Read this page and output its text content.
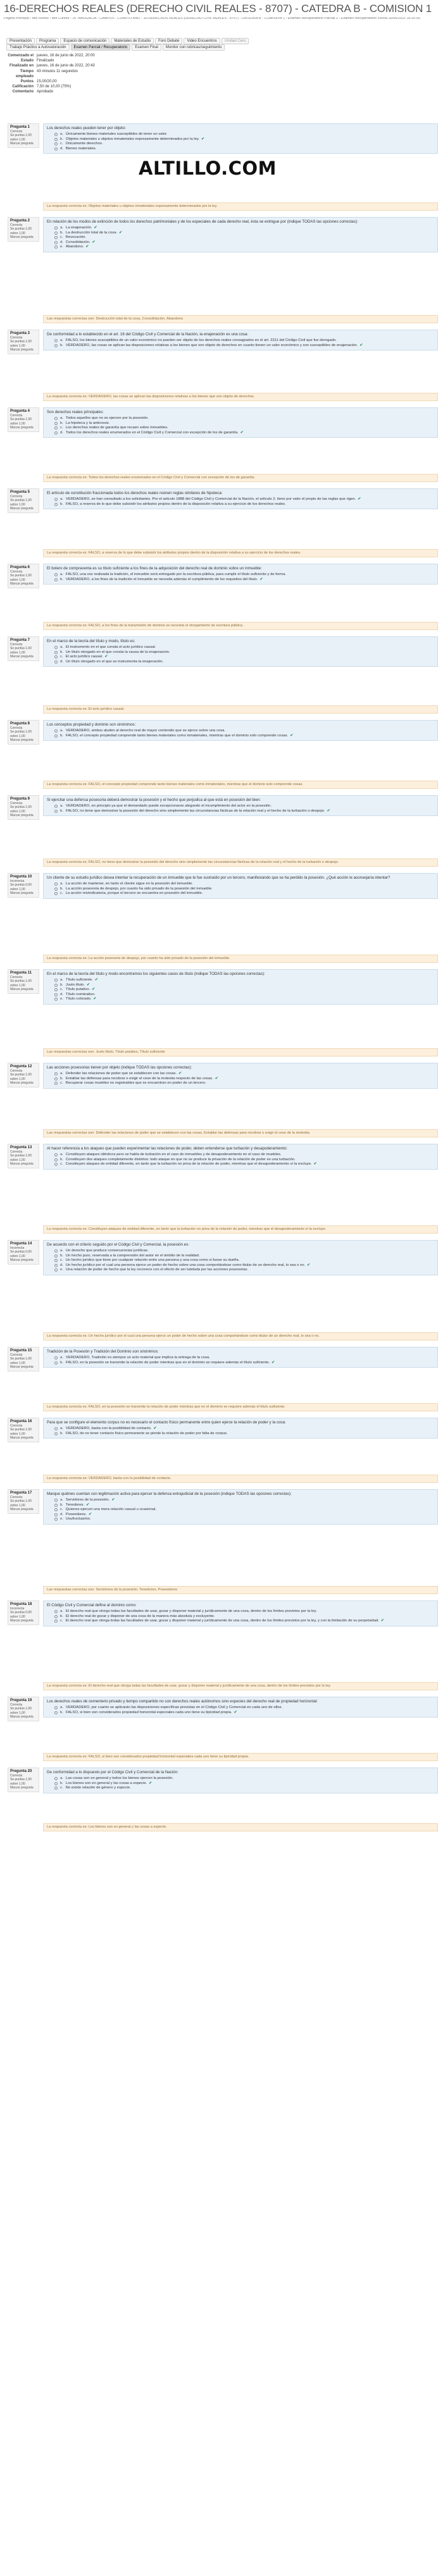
16-DERECHOS REALES (DERECHO CIVIL REALES - 8707) - CATEDRA B - COMISION 1
Página Principal › Mis cursos › Mis Cursos › 16 -ABOGACÍA - CAMPUS - CUARTO AÑO - 16-DERECHOS REALES (DERECHO CIVIL REALES - 8707) - CATEDRA B - COMISION 1 › Examen Recuperatorio Parcial 2 › Examen Recuperatorio Fecha 16/06/2022 16:20:00
Presentación	Programa	Espacio de comunicación	Materiales de Estudio	Foro Debate	Video Encuentros	Unidad Cero
Trabajo Práctico a Autovaloración	Examen Parcial / Recuperatorio	Examen Final	Monitor con rubricas/seguimiento
Comenzado el jueves, 16 de junio de 2022, 20:00
Estado Finalizado
Finalizado en jueves, 16 de junio de 2022, 20:43
Tiempo empleado
43 minutos 11 segundos
Puntos 15,00/20,00
Calificación 7,50 de 10,00 (75%)
Comentario Aprobado
ALTILLO.COM
Pregunta 1
Correcta
Se puntúa 1,00 sobre 1,00
Marcar pregunta
Los derechos reales pueden tener por objeto:
a. Únicamente bienes materiales susceptibles de tener un valor.
b. Objetos materiales u objetos inmateriales expresamente determinados por la ley. ✔
c. Únicamente derechos.
d. Bienes materiales.
La respuesta correcta es: Objetos materiales u objetos inmateriales expresamente determinados por la ley.
Pregunta 2
Correcta
Se puntúa 1,00 sobre 1,00
Marcar pregunta
En relación de los modos de extinción de todos los derechos patrimoniales y de los especiales de cada derecho real, ésta se extingue por (indique TODAS las opciones correctas):
a. La enajenación. ✔
b. La destrucción total de la cosa. ✔
c. Revocación.
d. Consolidación. ✔
e. Abandono. ✔
Las respuestas correctas son: Destrucción total de la cosa, Consolidación, Abandono
Pregunta 3
Correcta
Se puntúa 1,00 sobre 1,00
Marcar pregunta
De conformidad a lo establecido en el art. 16 del Código Civil y Comercial de la Nación, la enajenación es una cosa:
a. FALSO, los bienes susceptibles de un valor económico no pueden ser objeto de los derechos reales consagrados en el art. 2311 del Código Civil que fue derogado.
b. VERDADERO, las cosas se aplican las disposiciones relativas a los bienes que son objeto de derechos en cuanto tienen un valor económico y son susceptibles de enajenación. ✔
La respuesta correcta es: VERDADERO, las cosas se aplican las disposiciones relativas a los bienes que son objeto de derechos.
Pregunta 4
Correcta
Se puntúa 1,00 sobre 1,00
Marcar pregunta
Son derechos reales principales:
a. Todos aquellos que no se ejercen por la posesión.
b. La hipoteca y la anticresis.
c. Los derechos reales de garantía que recaen sobre inmuebles.
d. Todos los derechos reales enumerados en el Código Civil y Comercial con excepción de los de garantía. ✔
La respuesta correcta es: Todos los derechos reales enumerados en el Código Civil y Comercial con excepción de los de garantía.
Pregunta 5
Correcta
Se puntúa 1,00 sobre 1,00
Marcar pregunta
El artículo de constitución fraccionada todos los derechos reales reúnen reglas similares de hipoteca:
a. VERDADERO, se han consultado a los solicitantes. Por el articulo 1888 del Código Civil y Comercial de la Nación, el artículo 2. tiene por valor el propio de las reglas que rigen. ✔
b. FALSO, a reserva de lo que debe subsistir los atributos propios dentro de la disposición relativa a su ejercicio de los derechos reales.
La respuesta correcta es: FALSO, a reserva de lo que debe subsistir los atributos propios dentro de la disposición relativa a su ejercicio de los derechos reales.
Pregunta 6
Correcta
Se puntúa 1,00 sobre 1,00
Marcar pregunta
El bolero de compraventa es su título suficiente a los fines de la adquisición del derecho real de dominio sobre un inmueble:
a. FALSO, una vez realizada la tradición, el inmueble será entregado por la escritura pública, para cumplir el título suficiente y de forma.
b. VERDADERO, a los fines de la tradición el inmueble se necesita además el cumplimiento de los requisitos del título. ✔
La respuesta correcta es: FALSO, a los fines de la transmisión de dominio se necesita el otorgamiento de escritura pública.
Pregunta 7
Correcta
Se puntúa 1,00 sobre 1,00
Marcar pregunta
En el marco de la teoría del título y modo, título es:
a. El instrumento en el que consta el acto jurídico causal.
b. Un título otorgado en el que consta la causa de la enajenación.
c. El acto jurídico causal. ✔
d. Un título otorgado en el que se instrumenta la enajenación.
La respuesta correcta es: El acto jurídico causal.
Pregunta 8
Correcta
Se puntúa 1,00 sobre 1,00
Marcar pregunta
Los conceptos propiedad y dominio son sinónimos:
a. VERDADERO, ambos aluden al derecho real de mayor contenido que se ejerce sobre una cosa.
b. FALSO, el concepto propiedad comprende tanto bienes materiales como inmateriales, mientras que el dominio solo comprende cosas. ✔
La respuesta correcta es: FALSO, el concepto propiedad comprende tanto bienes materiales como inmateriales, mientras que el dominio solo comprende cosas.
Pregunta 9
Correcta
Se puntúa 1,00 sobre 1,00
Marcar pregunta
Si ejercitar una defensa posesoria deberá demostrar la posesión y el hecho que perjudica al que está en posesión del bien:
a. VERDADERO, en principio ya que el demandado puede excepcionarse alegando el incumplimiento del actor en la posesión.
b. FALSO, no tiene que demostrar la posesión del derecho sino simplemente las circunstancias fácticas de la relación real y el hecho de la turbación o despojo. ✔
La respuesta correcta es: FALSO, no tiene que demostrar la posesión del derecho sino simplemente las circunstancias fácticas de la relación real y el hecho de la turbación o despojo.
Pregunta 10
Incorrecta
Se puntúa 0,00 sobre 1,00
Marcar pregunta
Un cliente de su estudio jurídico desea intentar la recuperación de un inmueble que le fue sustraído por un tercero, manifestando que se ha perdido la posesión. ¿Qué acción le aconsejaría intentar?
a. La acción de mantener, en tanto el cliente sigue en la posesión del inmueble.
b. La acción posesoria de despojo, por cuanto ha sido privado de la posesión del inmueble.
c. La acción reivindicatoria, porque el tercero se encuentra en posesión del inmueble.
La respuesta correcta es: La acción posesoria de despojo, por cuanto ha sido privado de la posesión del inmueble.
Pregunta 11
Correcta
Se puntúa 1,00 sobre 1,00
Marcar pregunta
En el marco de la teoría del título y modo encontramos los siguientes casos de título (indique TODAS las opciones correctas):
a. Título suficiente. ✔
b. Justo título. ✔
c. Título putativo. ✔
d. Título nominativo.
e. Título colorado. ✔
Las respuestas correctas son: Justo título, Título putativo, Título suficiente
Pregunta 12
Correcta
Se puntúa 1,00 sobre 1,00
Marcar pregunta
Las acciones posesorias tienen por objeto (indique TODAS las opciones correctas):
a. Defender las relaciones de poder que se establecen con las cosas. ✔
b. Entablar las defensas para recobrar o exigir el cese de la molestia respecto de las cosas. ✔
c. Recuperar cosas muebles no registrables que se encuentran en poder de un tercero.
Las respuestas correctas son: Defender las relaciones de poder que se establecen con las cosas, Entablar las defensas para recobrar o exigir el cese de la molestia.
Pregunta 13
Correcta
Se puntúa 1,00 sobre 1,00
Marcar pregunta
Al hacer referencia a los ataques que pueden experimentar las relaciones de poder, deben entenderse que turbación y desapoderamiento:
a. Constituyen ataques idénticos pero se habla de turbación en el caso de inmuebles y de desapoderamiento en el caso de muebles.
b. Constituyen dos ataques completamente distintos: todo ataque en que no se produce la privación de la relación de poder es una turbación.
c. Constituyen ataques de entidad diferente, en tanto que la turbación no priva de la relación de poder, mientras que el desapoderamiento sí la excluye. ✔
La respuesta correcta es: Constituyen ataques de entidad diferente, en tanto que la turbación no priva de la relación de poder, mientras que el desapoderamiento sí la excluye.
Pregunta 14
Incorrecta
Se puntúa 0,00 sobre 1,00
Marcar pregunta
De acuerdo con el criterio seguido por el Código Civil y Comercial, la posesión es:
a. Un derecho que produce consecuencias jurídicas.
b. Un hecho puro, reservada a la comprensión del autor en el ámbito de la realidad.
c. Un hecho jurídico que tiene por cualquier relación entre una persona y una cosa como si fuese su dueña.
d. Un hecho jurídico por el cual una persona ejerce un poder de hecho sobre una cosa comportándose como titular de un derecho real, lo sea o no. ✔
e. Una relación de poder de hecho que la ley reconoce con el efecto de ser tutelada por las acciones posesorias.
La respuesta correcta es: Un hecho jurídico por el cual una persona ejerce un poder de hecho sobre una cosa comportándose como titular de un derecho real, lo sea o no.
Pregunta 15
Correcta
Se puntúa 1,00 sobre 1,00
Marcar pregunta
Tradición de la Posesión y Tradición del Dominio son sinónimos:
a. VERDADERO, Tradición es siempre un acto material que implica la entrega de la cosa.
b. FALSO, en la posesión se transmite la relación de poder mientras que en el dominio se requiere además el título suficiente. ✔
La respuesta correcta es: FALSO, en la posesión se transmite la relación de poder mientras que en el dominio se requiere además el título suficiente.
Pregunta 16
Correcta
Se puntúa 1,00 sobre 1,00
Marcar pregunta
Para que se configure el elemento corpus no es necesario el contacto físico permanente entre quien ejerce la relación de poder y la cosa:
a. VERDADERO, basta con la posibilidad de contacto. ✔
b. FALSO, de no tener contacto físico permanente se pierde la relación de poder por falta de corpus.
La respuesta correcta es: VERDADERO, basta con la posibilidad de contacto.
Pregunta 17
Correcta
Se puntúa 1,00 sobre 1,00
Marcar pregunta
Marque quiénes cuentan con legitimación activa para ejercer la defensa extrajudicial de la posesión (indique TODAS las opciones correctas):
a. Servidores de la posesión. ✔
b. Tenedores. ✔
c. Quienes ejercen una mera relación casual u ocasional.
d. Poseedores. ✔
e. Usufructuarios.
Las respuestas correctas son: Servidores de la posesión, Tenedores, Poseedores
Pregunta 18
Incorrecta
Se puntúa 0,00 sobre 1,00
Marcar pregunta
El Código Civil y Comercial define al dominio como:
a. El derecho real que otorga todas las facultades de usar, gozar y disponer material y jurídicamente de una cosa, dentro de los límites previstos por la ley.
b. El derecho real de gozar y disponer de una cosa de la manera más absoluta y excluyente.
c. El derecho real que otorga todas las facultades de usar, gozar y disponer material y jurídicamente de una cosa, dentro de los límites previstos por la ley, y con la limitación de su perpetuidad. ✔
La respuesta correcta es: El derecho real que otorga todas las facultades de usar, gozar y disponer material y jurídicamente de una cosa, dentro de los límites previstos por la ley.
Pregunta 19
Correcta
Se puntúa 1,00 sobre 1,00
Marcar pregunta
Los derechos reales de cementerio privado y tiempo compartido no son derechos reales autónomos sino especies del derecho real de propiedad horizontal:
a. VERDADERO, por cuanto se aplicarán las disposiciones específicas previstas en el Código Civil y Comercial en cada uno de ellos.
b. FALSO, si bien son considerados propiedad horizontal especiales cada uno tiene su tipicidad propia. ✔
La respuesta correcta es: FALSO, si bien son considerados propiedad horizontal especiales cada uno tiene su tipicidad propia.
Pregunta 20
Correcta
Se puntúa 1,00 sobre 1,00
Marcar pregunta
De conformidad a lo dispuesto por el Código Civil y Comercial de la Nación:
a. Las cosas son en general y todos los bienes ejercen la posesión.
b. Los bienes son en general y las cosas a especie. ✔
c. No existe relación de género y especie.
La respuesta correcta es: Los bienes son en general y las cosas a especie.
